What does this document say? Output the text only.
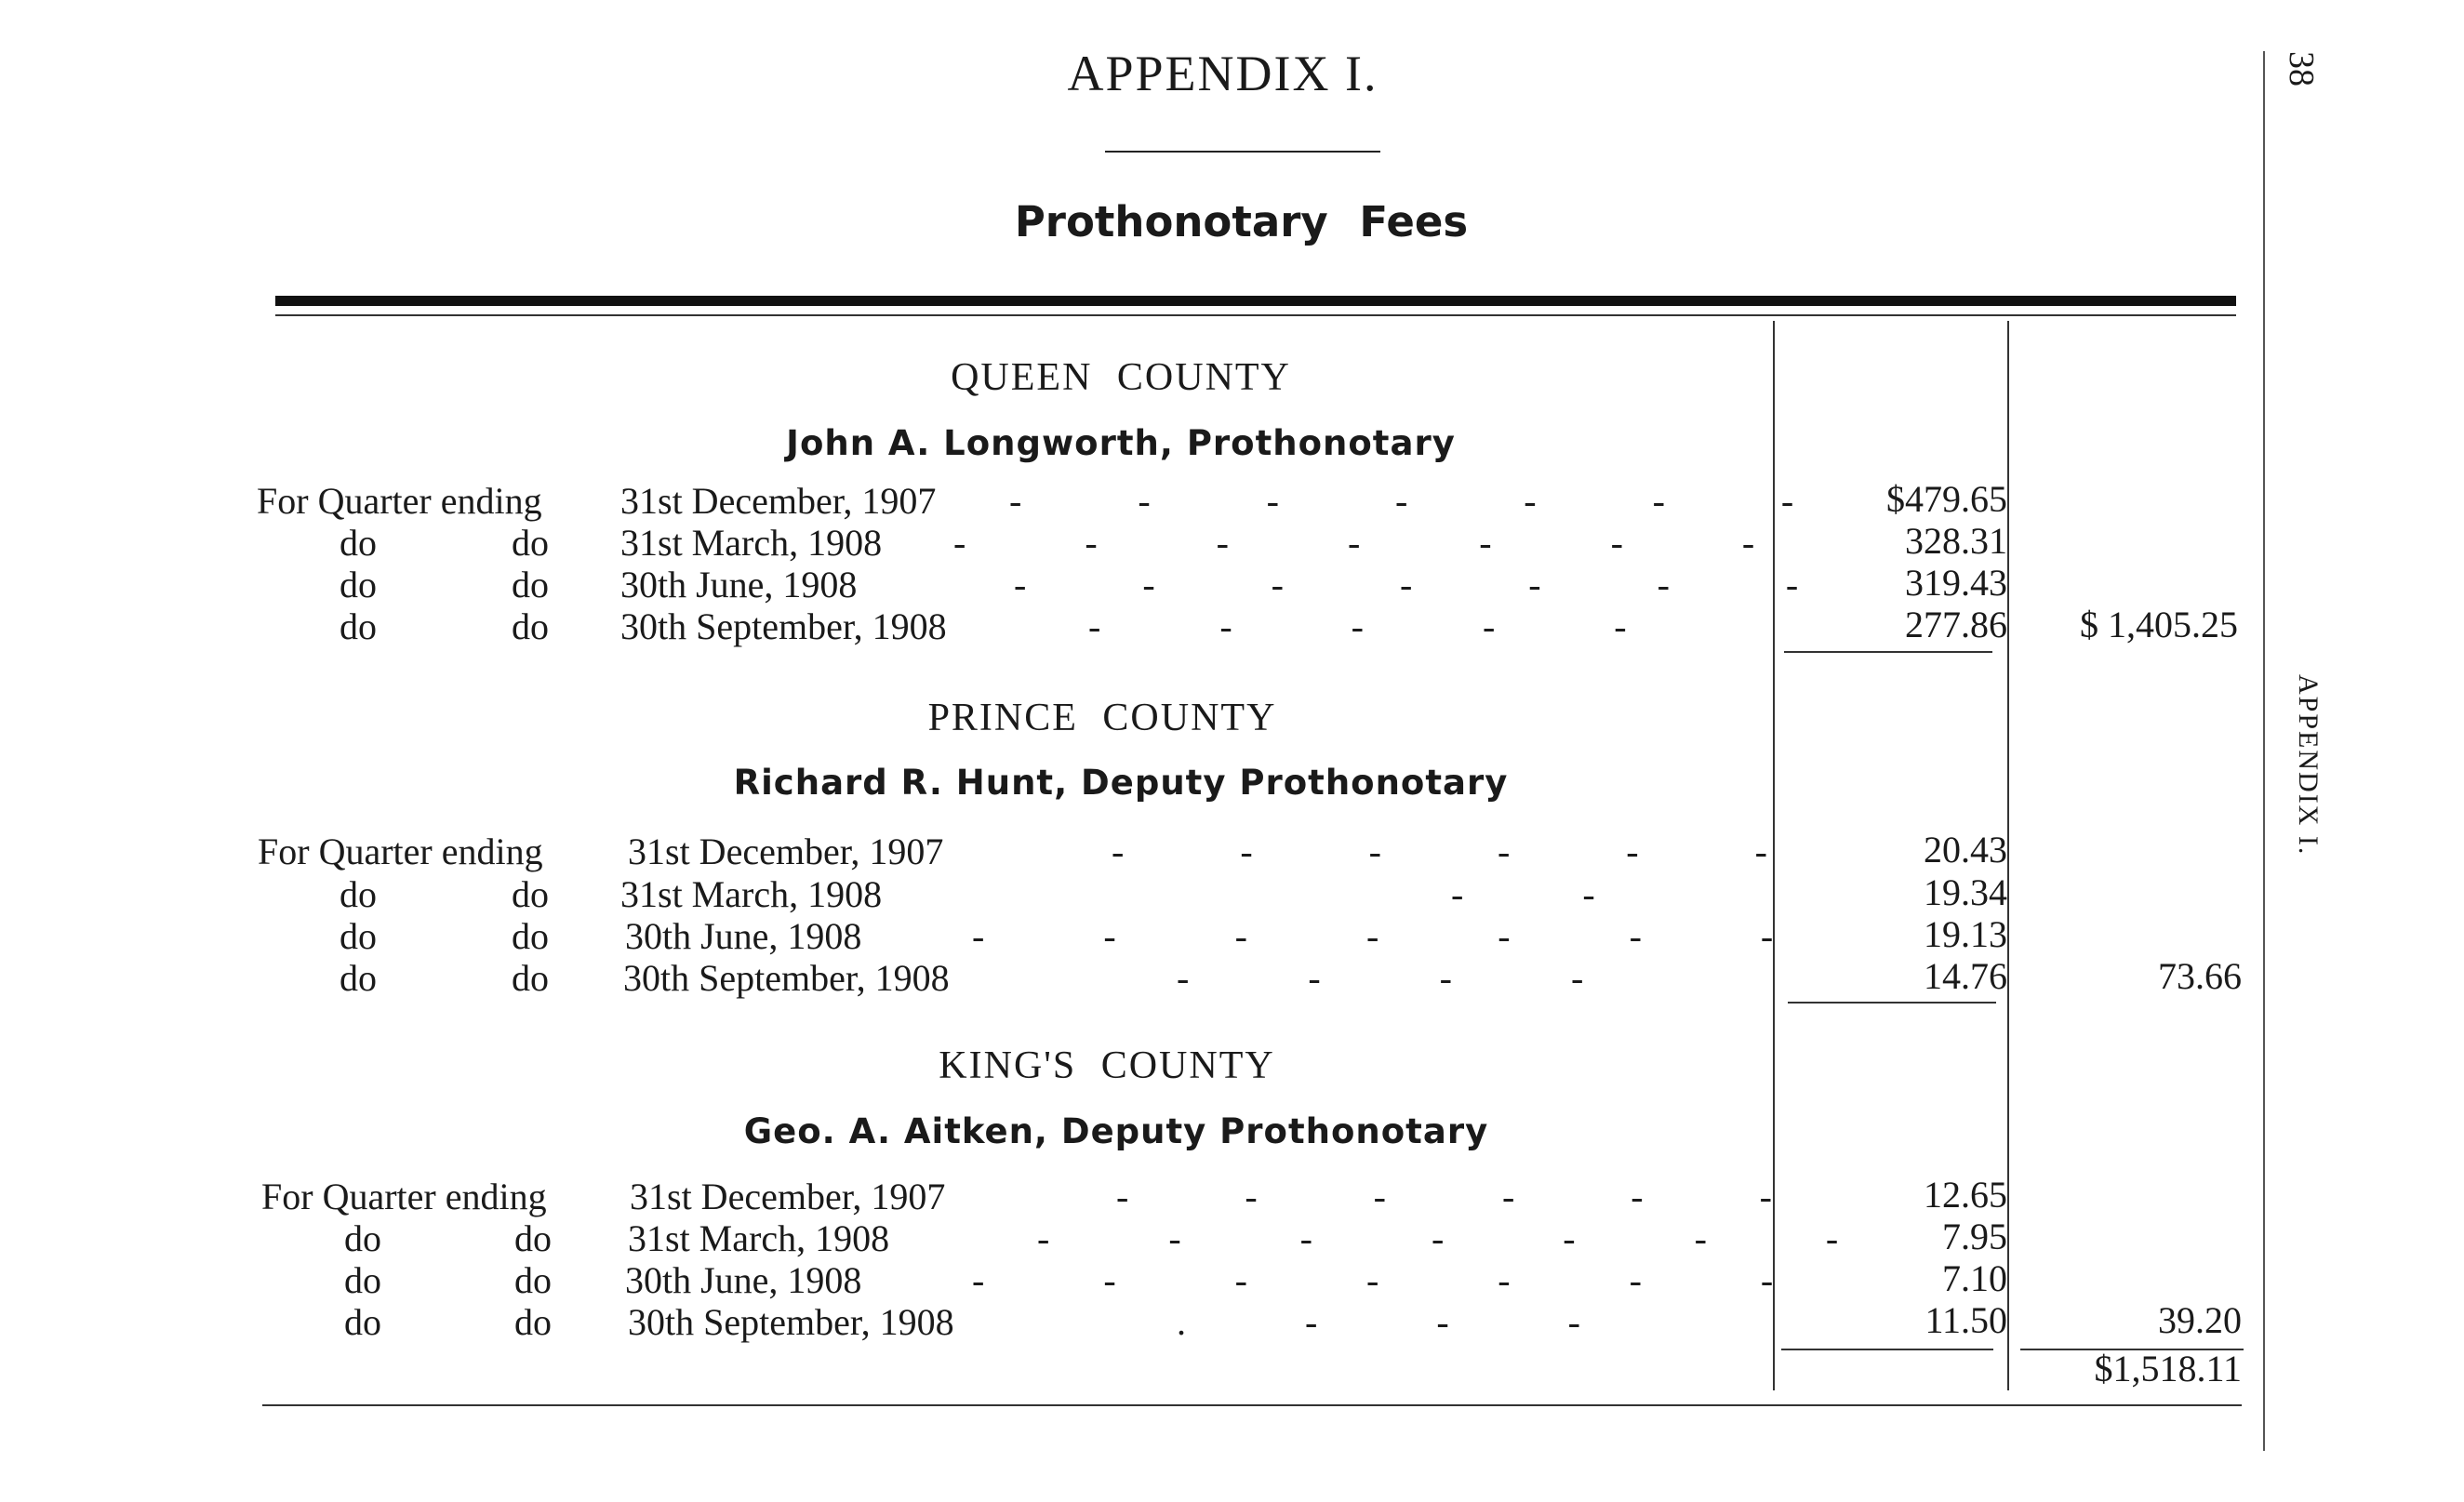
APPENDIX I.
Prothonotary Fees
38
APPENDIX I.
QUEEN COUNTY
John A. Longworth, Prothonotary
For Quarter ending 31st December, 1907 - - - - - - -	$479.65
do	do 31st March, 1908 - - - - - - -	328.31
do	do 30th June, 1908	- - - - - - -	319.43
do	do 30th September, 1908	- - - - -	277.86	$ 1,405.25
PRINCE COUNTY
Richard R. Hunt, Deputy Prothonotary
For Quarter ending 31st December, 1907	- - - - - -	20.43
do	do 31st March, 1908	- -	19.34
do	do 30th June, 1908	- - - - - - -	19.13
do	do 30th September, 1908	- - - -	14.76	73.66
KING'S COUNTY
Geo. A. Aitken, Deputy Prothonotary
For Quarter ending 31st December, 1907	- - - - - -	12.65
do	do 31st March, 1908	- - - - - - -	7.95
do	do 30th June, 1908	- - - - - - -	7.10
do	do 30th September, 1908	. - - -	11.50	39.20
$1,518.11
